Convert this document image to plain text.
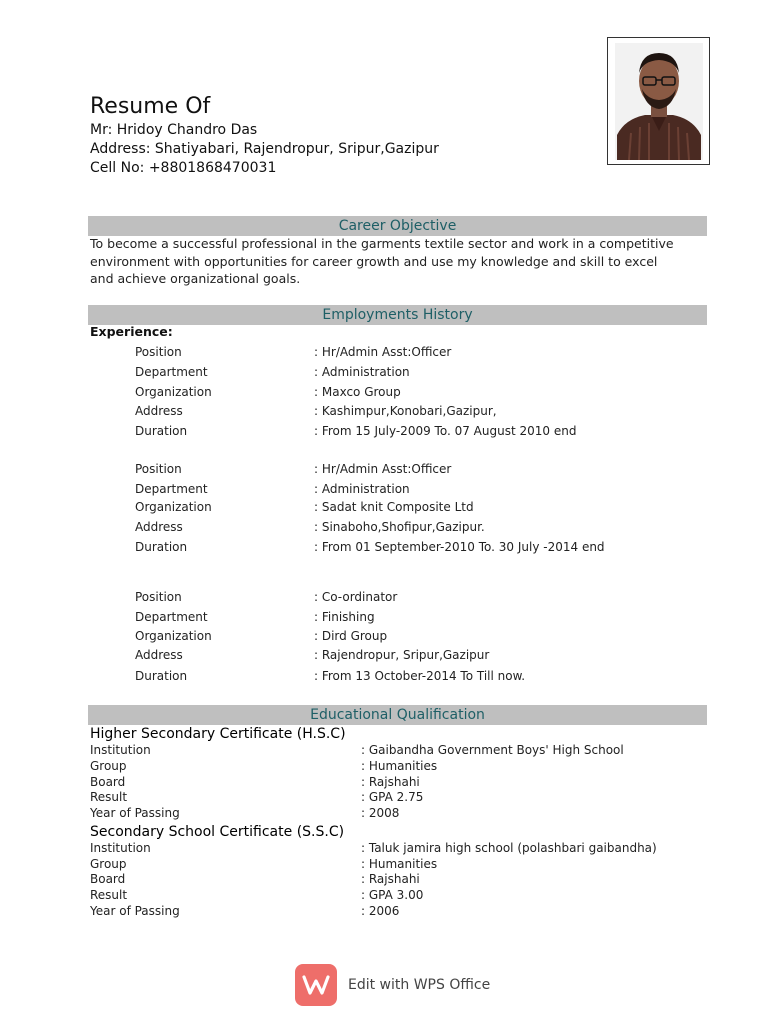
Resume Of
Mr: Hridoy Chandro Das
Address: Shatiyabari, Rajendropur, Sripur,Gazipur
Cell No: +8801868470031
Career Objective
To become a successful professional in the garments textile sector and work in a competitive environment with opportunities for career growth and use my knowledge and skill to excel and achieve organizational goals.
Employments History
Experience:
Position	: Hr/Admin Asst:Officer
Department	: Administration
Organization	: Maxco Group
Address	: Kashimpur,Konobari,Gazipur,
Duration	: From 15 July-2009 To. 07 August 2010 end
Position	: Hr/Admin Asst:Officer
Department	: Administration
Organization	: Sadat knit Composite Ltd
Address	: Sinaboho,Shofipur,Gazipur.
Duration	: From 01 September-2010 To. 30 July -2014 end
Position	: Co-ordinator
Department	: Finishing
Organization	: Dird Group
Address	: Rajendropur, Sripur,Gazipur
Duration	: From 13 October-2014 To Till now.
Educational Qualification
Higher Secondary Certificate (H.S.C)
Institution	: Gaibandha Government Boys' High School
Group	: Humanities
Board	: Rajshahi
Result	: GPA 2.75
Year of Passing	: 2008
Secondary School Certificate (S.S.C)
Institution	: Taluk jamira high school (polashbari gaibandha)
Group	: Humanities
Board	: Rajshahi
Result	: GPA 3.00
Year of Passing	: 2006
Edit with WPS Office
